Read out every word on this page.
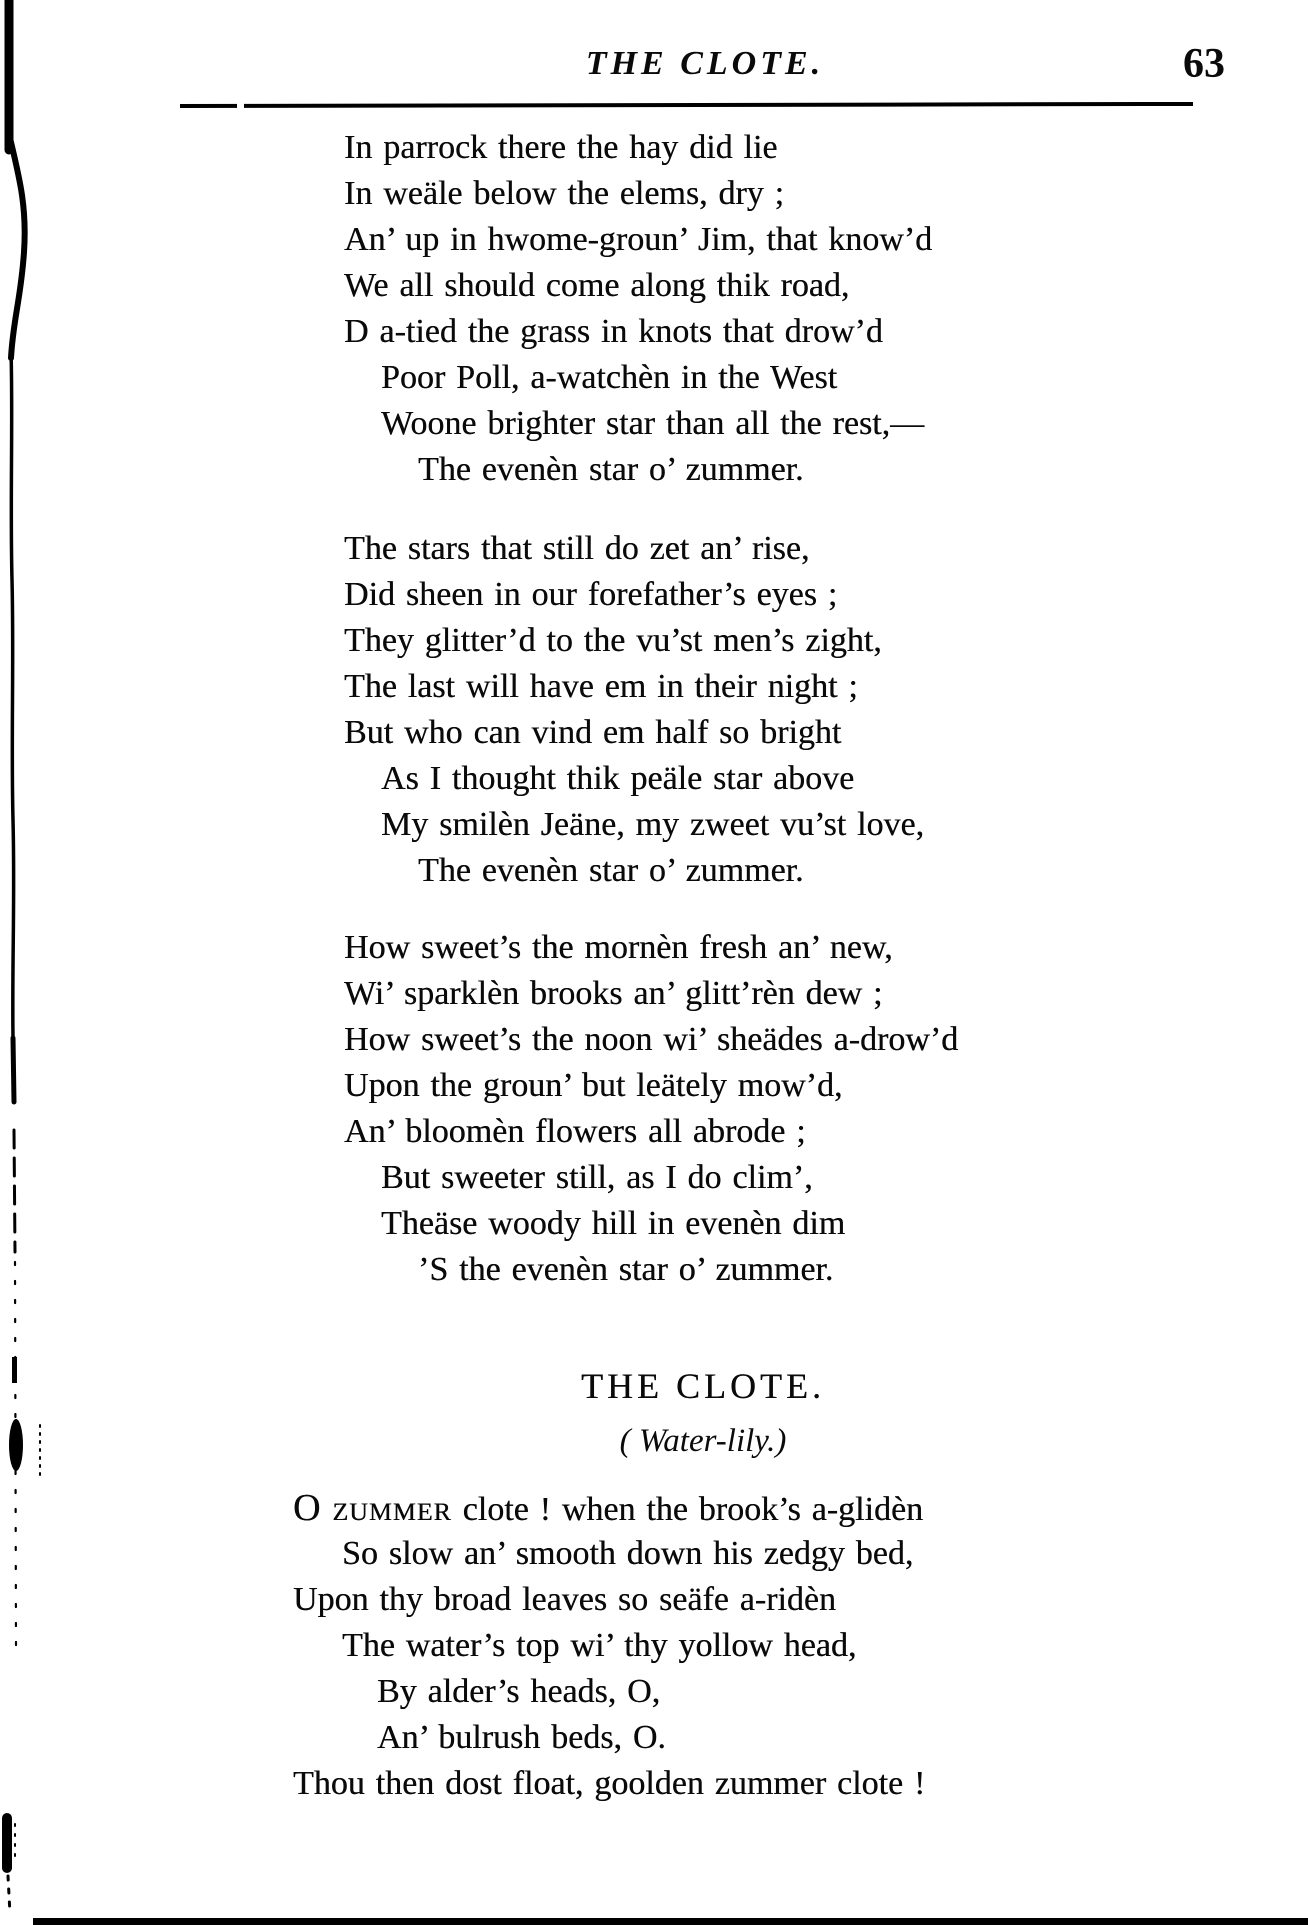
THE CLOTE.	63
In parrock there the hay did lie
In weäle below the elems, dry ;
An’ up in hwome-groun’ Jim, that know’d
We all should come along thik road,
D a-tied the grass in knots that drow’d
Poor Poll, a-watchèn in the West
Woone brighter star than all the rest,—
The evenèn star o’ zummer.
The stars that still do zet an’ rise,
Did sheen in our forefather’s eyes ;
They glitter’d to the vu’st men’s zight,
The last will have em in their night ;
But who can vind em half so bright
As I thought thik peäle star above
My smilèn Jeäne, my zweet vu’st love,
The evenèn star o’ zummer.
How sweet’s the mornèn fresh an’ new,
Wi’ sparklèn brooks an’ glitt’rèn dew ;
How sweet’s the noon wi’ sheädes a-drow’d
Upon the groun’ but leätely mow’d,
An’ bloomèn flowers all abrode ;
But sweeter still, as I do clim’,
Theäse woody hill in evenèn dim
’S the evenèn star o’ zummer.
THE CLOTE.
( Water-lily.)
O ZUMMER clote ! when the brook’s a-glidèn
So slow an’ smooth down his zedgy bed,
Upon thy broad leaves so seäfe a-ridèn
The water’s top wi’ thy yollow head,
By alder’s heads, O,
An’ bulrush beds, O.
Thou then dost float, goolden zummer clote !
